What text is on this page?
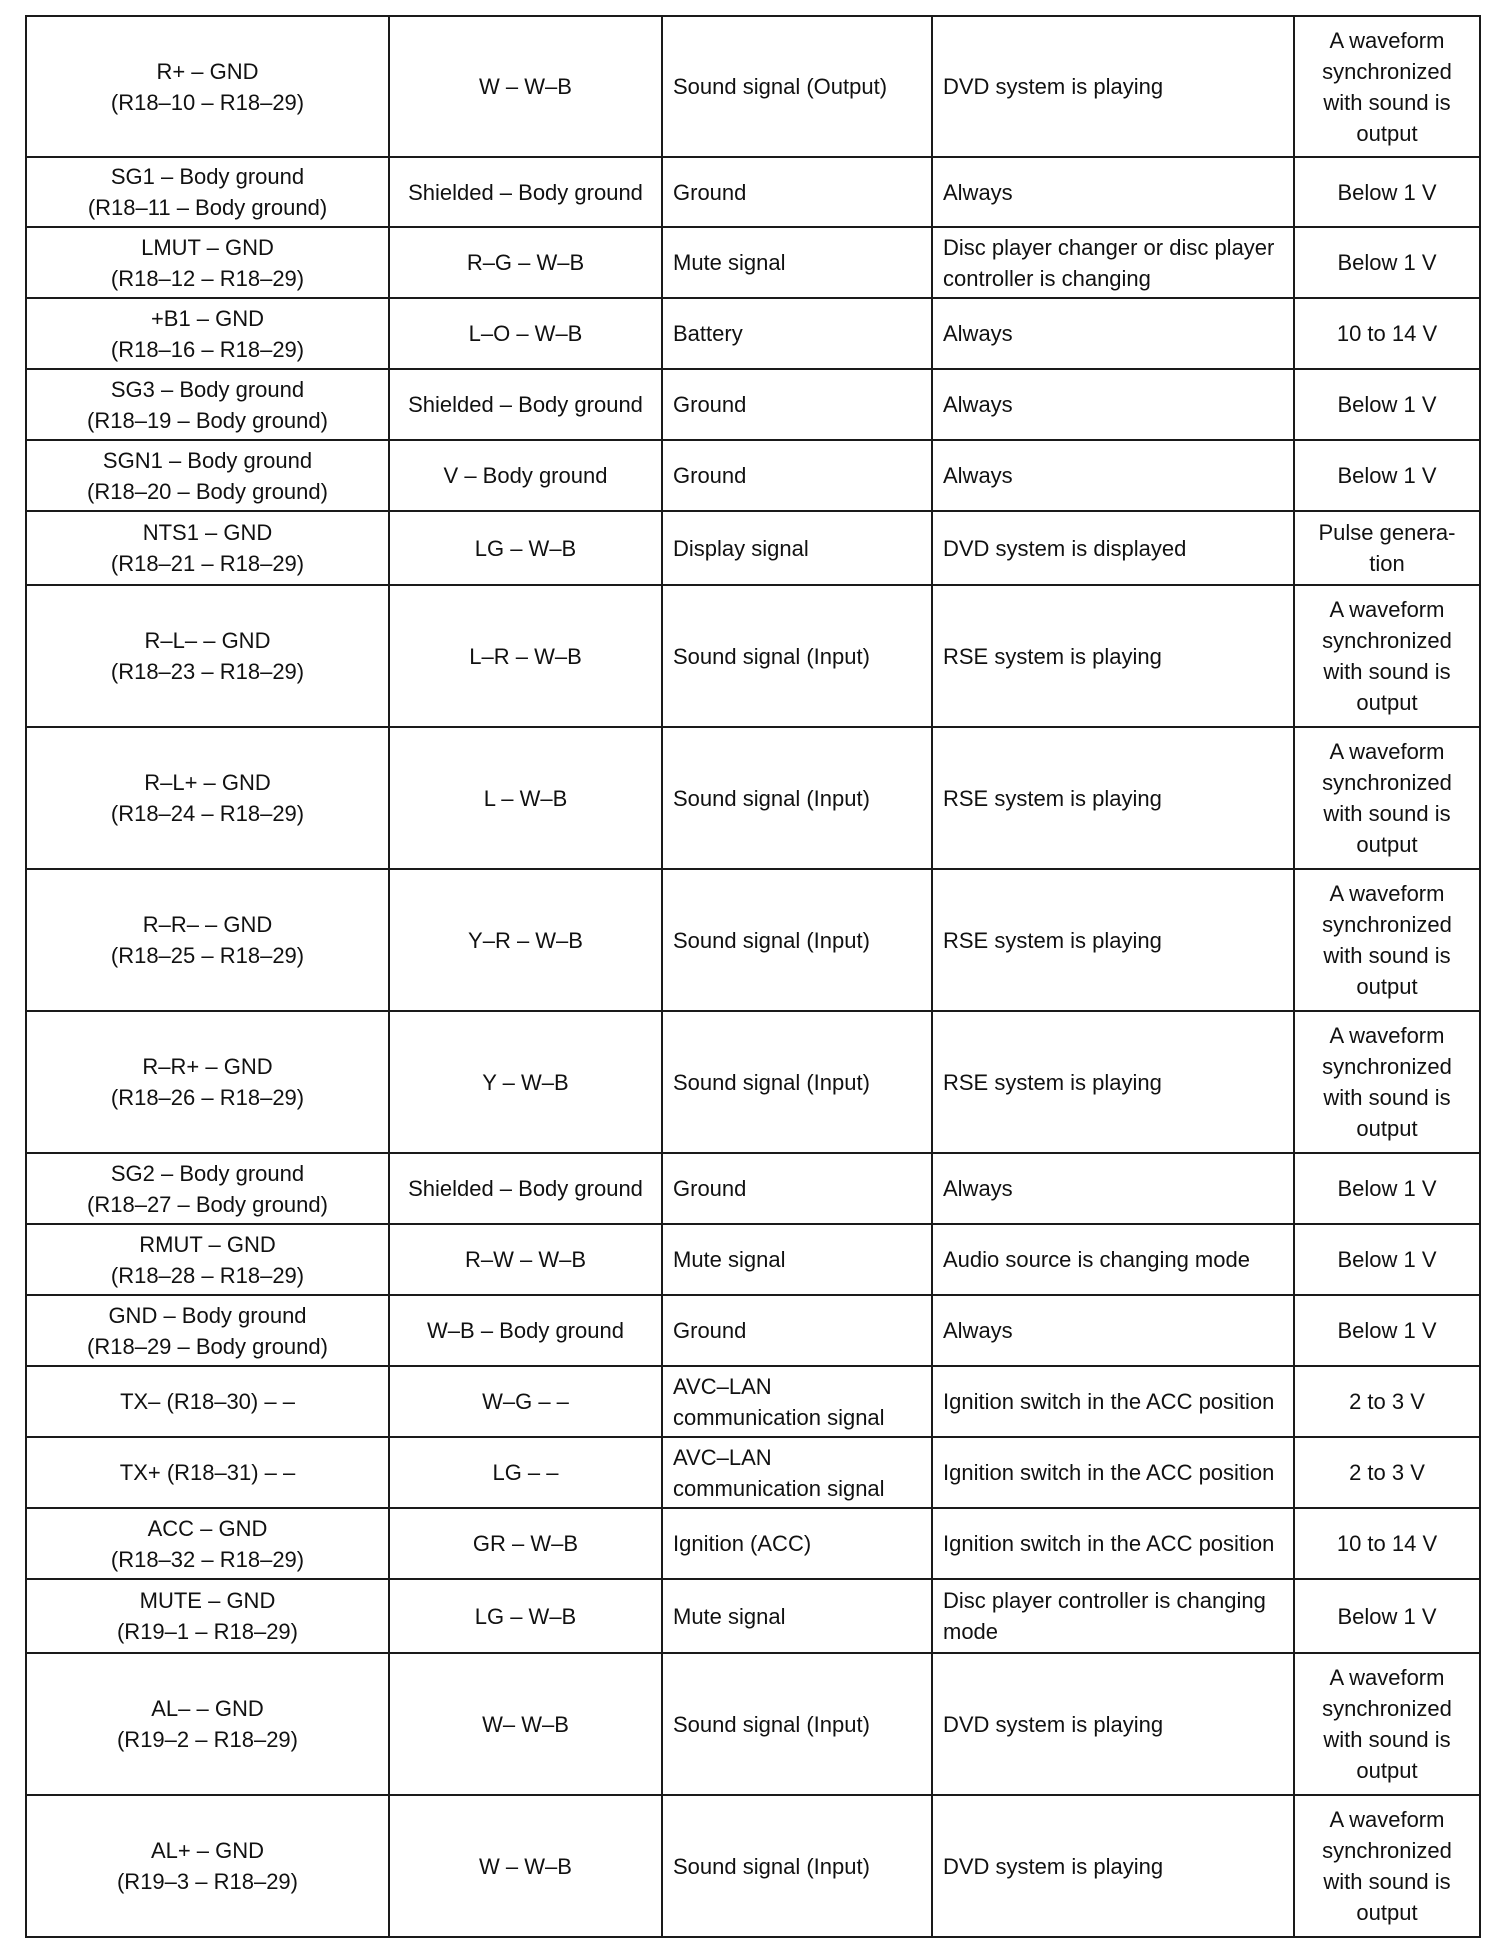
R+ – GND
(R18–10 – R18–29)	W – W–B	Sound signal (Output)	DVD system is playing	A waveform synchronized with sound is output

SG1 – Body ground
(R18–11 – Body ground)	Shielded – Body ground	Ground	Always	Below 1 V

LMUT – GND
(R18–12 – R18–29)	R–G – W–B	Mute signal	Disc player changer or disc player controller is changing	Below 1 V

+B1 – GND
(R18–16 – R18–29)	L–O – W–B	Battery	Always	10 to 14 V

SG3 – Body ground
(R18–19 – Body ground)	Shielded – Body ground	Ground	Always	Below 1 V

SGN1 – Body ground
(R18–20 – Body ground)	V – Body ground	Ground	Always	Below 1 V

NTS1 – GND
(R18–21 – R18–29)	LG – W–B	Display signal	DVD system is displayed	Pulse genera- tion

R–L– – GND
(R18–23 – R18–29)	L–R – W–B	Sound signal (Input)	RSE system is playing	A waveform synchronized with sound is output

R–L+ – GND
(R18–24 – R18–29)	L – W–B	Sound signal (Input)	RSE system is playing	A waveform synchronized with sound is output

R–R– – GND
(R18–25 – R18–29)	Y–R – W–B	Sound signal (Input)	RSE system is playing	A waveform synchronized with sound is output

R–R+ – GND
(R18–26 – R18–29)	Y – W–B	Sound signal (Input)	RSE system is playing	A waveform synchronized with sound is output

SG2 – Body ground
(R18–27 – Body ground)	Shielded – Body ground	Ground	Always	Below 1 V

RMUT – GND
(R18–28 – R18–29)	R–W – W–B	Mute signal	Audio source is changing mode	Below 1 V

GND – Body ground
(R18–29 – Body ground)	W–B – Body ground	Ground	Always	Below 1 V

TX– (R18–30) – –	W–G – –	AVC–LAN communication signal	Ignition switch in the ACC position	2 to 3 V

TX+ (R18–31) – –	LG – –	AVC–LAN communication signal	Ignition switch in the ACC position	2 to 3 V

ACC – GND
(R18–32 – R18–29)	GR – W–B	Ignition (ACC)	Ignition switch in the ACC position	10 to 14 V

MUTE – GND
(R19–1 – R18–29)	LG – W–B	Mute signal	Disc player controller is changing mode	Below 1 V

AL– – GND
(R19–2 – R18–29)	W– W–B	Sound signal (Input)	DVD system is playing	A waveform synchronized with sound is output

AL+ – GND
(R19–3 – R18–29)	W – W–B	Sound signal (Input)	DVD system is playing	A waveform synchronized with sound is output
